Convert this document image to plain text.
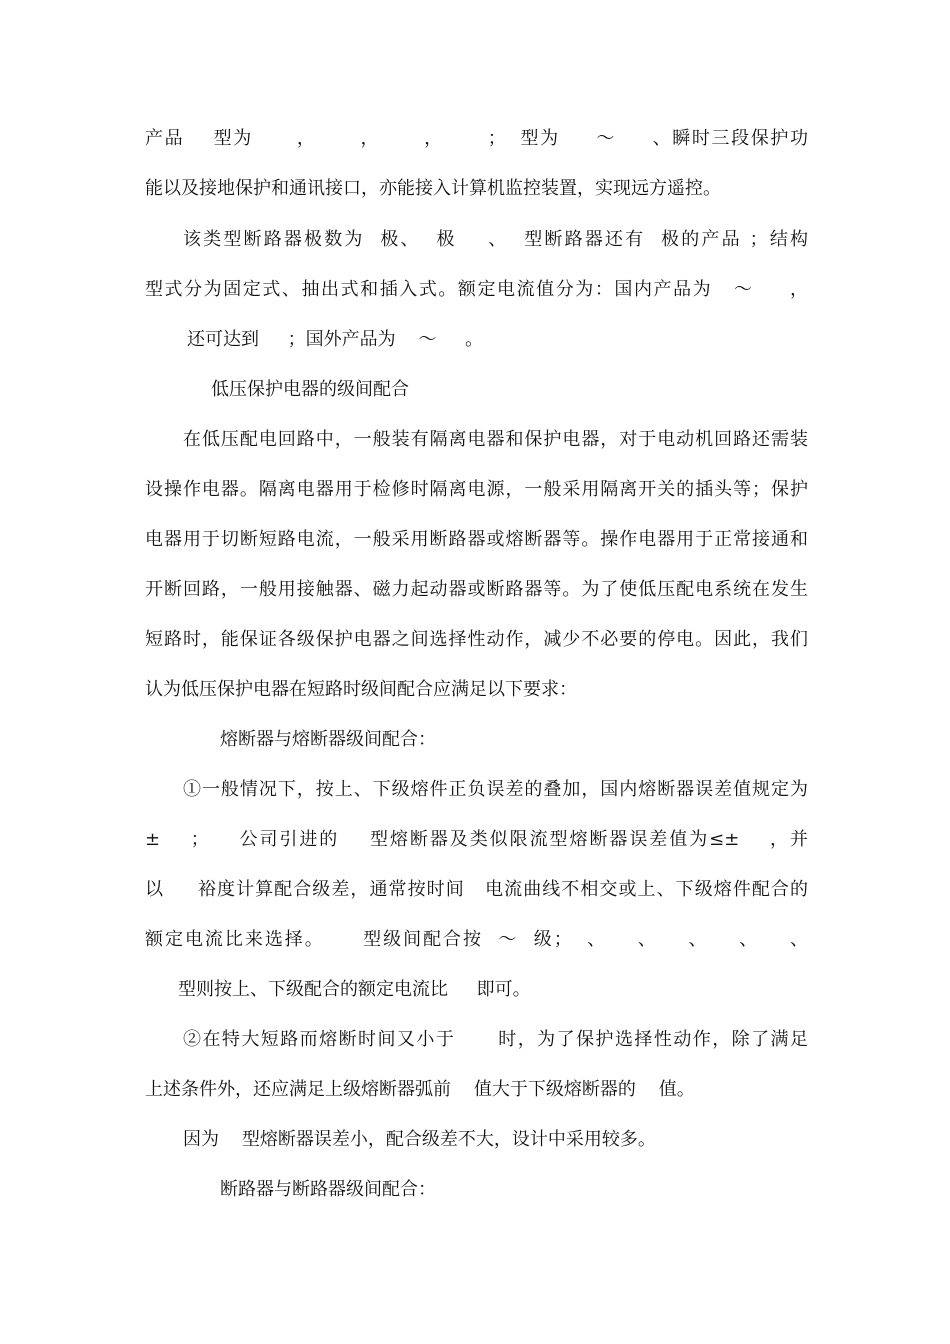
产品    型为      ，      ，      ，      ；  型为     ～     、瞬时三段保护功

能以及接地保护和通讯接口，亦能接入计算机监控装置，实现远方遥控。

该类型断路器极数为  极、  极    、  型断路器还有  极的产品 ；结构

型式分为固定式、抽出式和插入式。额定电流值分为：国内产品为   ～     ，

还可达到     ；国外产品为    ～     。

低压保护电器的级间配合

在低压配电回路中，一般装有隔离电器和保护电器，对于电动机回路还需装

设操作电器。隔离电器用于检修时隔离电源，一般采用隔离开关的插头等；保护

电器用于切断短路电流，一般采用断路器或熔断器等。操作电器用于正常接通和

开断回路，一般用接触器、磁力起动器或断路器等。为了使低压配电系统在发生

短路时，能保证各级保护电器之间选择性动作，减少不必要的停电。因此，我们

认为低压保护电器在短路时级间配合应满足以下要求：

熔断器与熔断器级间配合：

①一般情况下，按上、下级熔件正负误差的叠加，国内熔断器误差值规定为

±    ；    公司引进的    型熔断器及类似限流型熔断器误差值为≤±    ，并

以     裕度计算配合级差，通常按时间   电流曲线不相交或上、下级熔件配合的

额定电流比来选择。     型级间配合按  ～  级；  、    、    、    、    、

型则按上、下级配合的额定电流比     即可。

②在特大短路而熔断时间又小于      时，为了保护选择性动作，除了满足

上述条件外，还应满足上级熔断器弧前    值大于下级熔断器的    值。

因为    型熔断器误差小，配合级差不大，设计中采用较多。

断路器与断路器级间配合：
